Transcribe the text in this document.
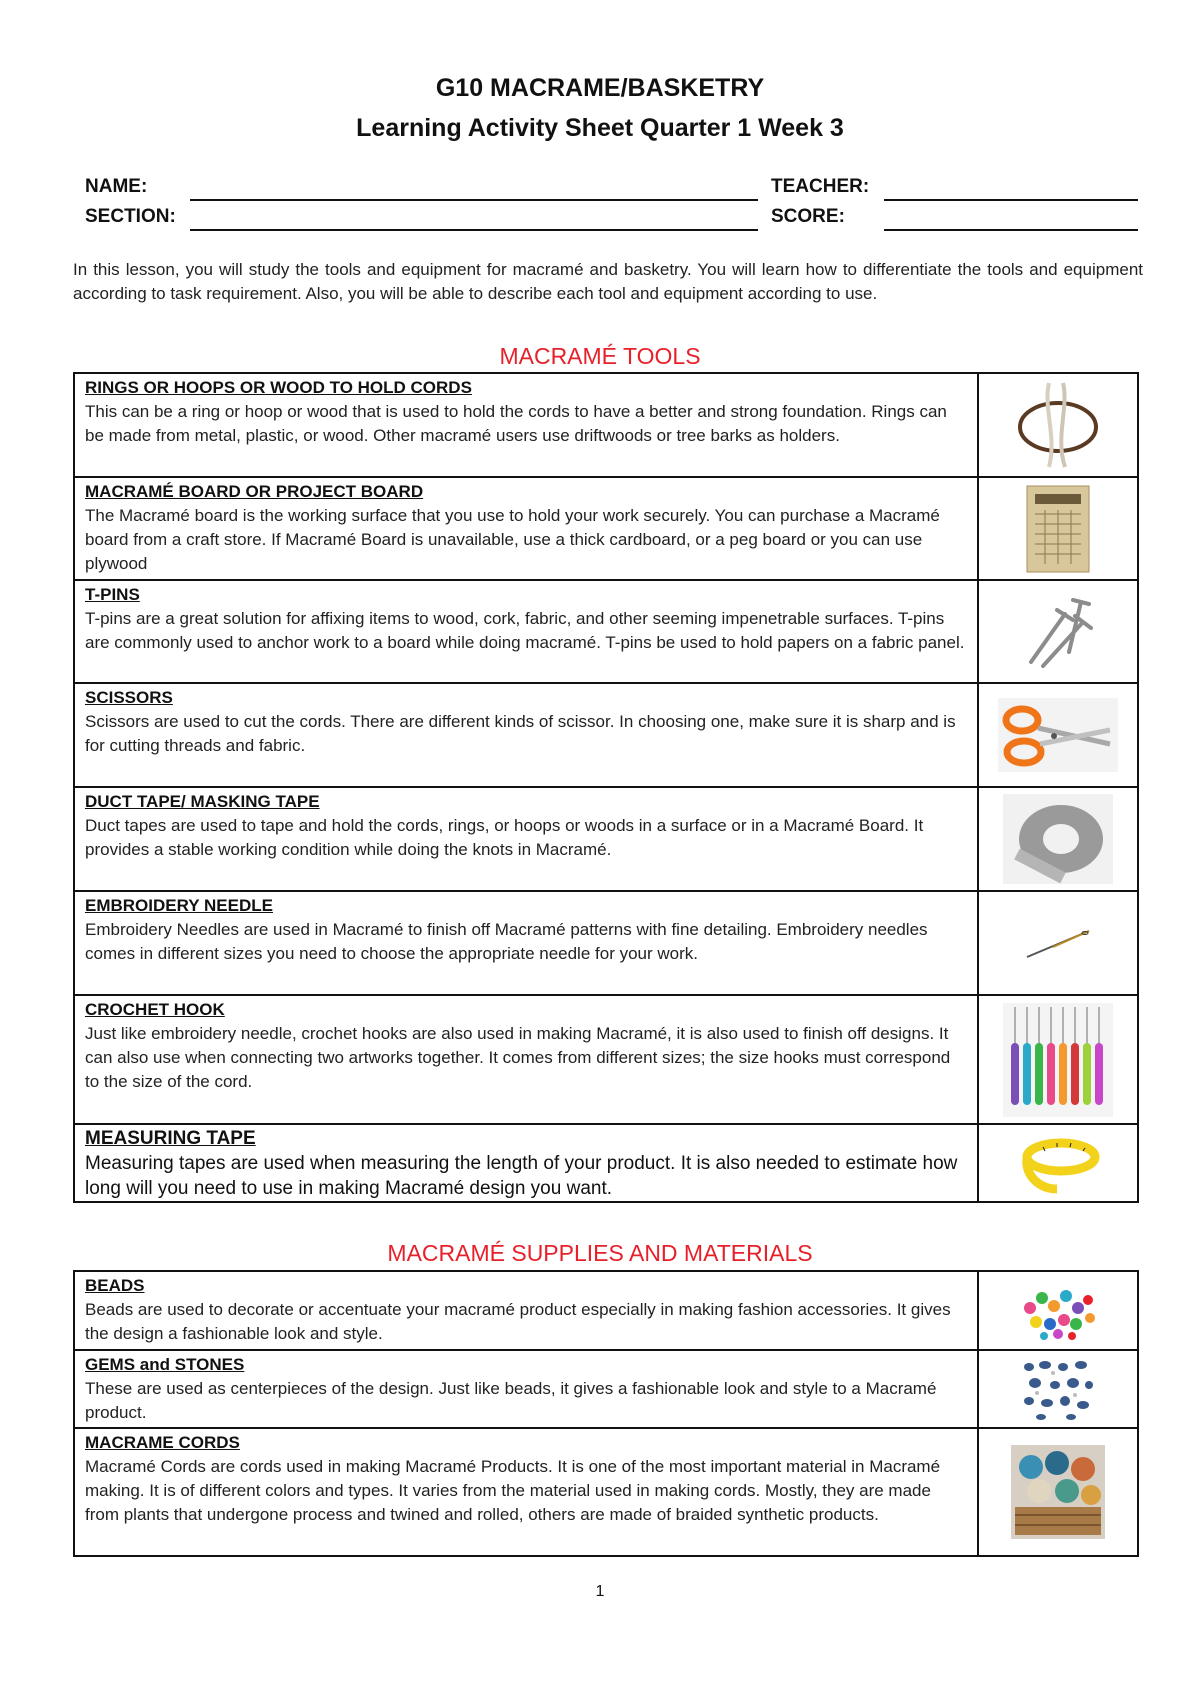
G10 MACRAME/BASKETRY
Learning Activity Sheet Quarter 1 Week 3
NAME:
SECTION:
TEACHER:
SCORE:
In this lesson, you will study the tools and equipment for macramé and basketry. You will learn how to differentiate the tools and equipment according to task requirement. Also, you will be able to describe each tool and equipment according to use.
MACRAMÉ TOOLS
RINGS OR HOOPS OR WOOD TO HOLD CORDS
This can be a ring or hoop or wood that is used to hold the cords to have a better and strong foundation. Rings can be made from metal, plastic, or wood. Other macramé users use driftwoods or tree barks as holders.

MACRAMÉ BOARD OR PROJECT BOARD
The Macramé board is the working surface that you use to hold your work securely. You can purchase a Macramé board from a craft store. If Macramé Board is unavailable, use a thick cardboard, or a peg board or you can use plywood

T-PINS
T-pins are a great solution for affixing items to wood, cork, fabric, and other seeming impenetrable surfaces. T-pins are commonly used to anchor work to a board while doing macramé. T-pins be used to hold papers on a fabric panel.

SCISSORS
Scissors are used to cut the cords. There are different kinds of scissor. In choosing one, make sure it is sharp and is for cutting threads and fabric.

DUCT TAPE/ MASKING TAPE
Duct tapes are used to tape and hold the cords, rings, or hoops or woods in a surface or in a Macramé Board. It provides a stable working condition while doing the knots in Macramé.

EMBROIDERY NEEDLE
Embroidery Needles are used in Macramé to finish off Macramé patterns with fine detailing. Embroidery needles comes in different sizes you need to choose the appropriate needle for your work.

CROCHET HOOK
Just like embroidery needle, crochet hooks are also used in making Macramé, it is also used to finish off designs. It can also use when connecting two artworks together. It comes from different sizes; the size hooks must correspond to the size of the cord.

MEASURING TAPE
Measuring tapes are used when measuring the length of your product. It is also needed to estimate how long will you need to use in making Macramé design you want.

MACRAMÉ SUPPLIES AND MATERIALS
BEADS
Beads are used to decorate or accentuate your macramé product especially in making fashion accessories. It gives the design a fashionable look and style.

GEMS and STONES
These are used as centerpieces of the design. Just like beads, it gives a fashionable look and style to a Macramé product.

MACRAME CORDS
Macramé Cords are cords used in making Macramé Products. It is one of the most important material in Macramé making. It is of different colors and types. It varies from the material used in making cords. Mostly, they are made from plants that undergone process and twined and rolled, others are made of braided synthetic products.

1
